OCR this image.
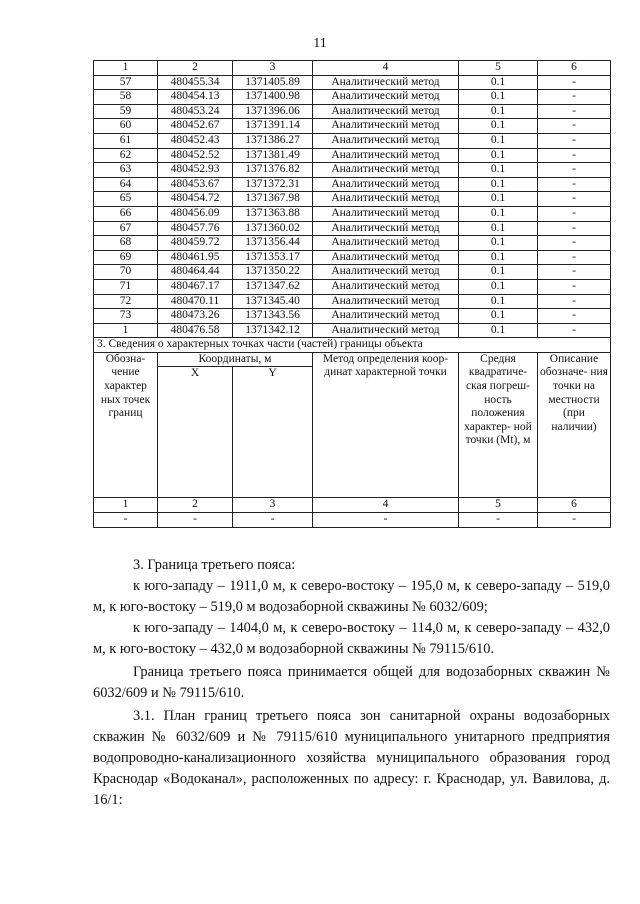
11
1	2	3	4	5	6
57	480455.34	1371405.89	Аналитический метод	0.1	-
58	480454.13	1371400.98	Аналитический метод	0.1	-
59	480453.24	1371396.06	Аналитический метод	0.1	-
60	480452.67	1371391.14	Аналитический метод	0.1	-
61	480452.43	1371386.27	Аналитический метод	0.1	-
62	480452.52	1371381.49	Аналитический метод	0.1	-
63	480452.93	1371376.82	Аналитический метод	0.1	-
64	480453.67	1371372.31	Аналитический метод	0.1	-
65	480454.72	1371367.98	Аналитический метод	0.1	-
66	480456.09	1371363.88	Аналитический метод	0.1	-
67	480457.76	1371360.02	Аналитический метод	0.1	-
68	480459.72	1371356.44	Аналитический метод	0.1	-
69	480461.95	1371353.17	Аналитический метод	0.1	-
70	480464.44	1371350.22	Аналитический метод	0.1	-
71	480467.17	1371347.62	Аналитический метод	0.1	-
72	480470.11	1371345.40	Аналитический метод	0.1	-
73	480473.26	1371343.56	Аналитический метод	0.1	-
1	480476.58	1371342.12	Аналитический метод	0.1	-
3. Сведения о характерных точках части (частей) границы объекта					
Обозна- чение характер ных точек границ	Координаты, м		Метод определения коор- динат характерной точки	Средня квадратиче- ская погреш- ность положения характер- ной точки (Mt), м	Описание обозначе- ния точки на местности (при наличии)
	X	Y			
1	2	3	4	5	6
-	-	-	-	-	-

3. Граница третьего пояса:

к юго-западу – 1911,0 м, к северо-востоку – 195,0 м, к северо-западу – 519,0 м, к юго-востоку – 519,0 м водозаборной скважины № 6032/609;

к юго-западу – 1404,0 м, к северо-востоку – 114,0 м, к северо-западу – 432,0 м, к юго-востоку – 432,0 м водозаборной скважины № 79115/610.

Граница третьего пояса принимается общей для водозаборных скважин № 6032/609 и № 79115/610.

3.1. План границ третьего пояса зон санитарной охраны водозаборных скважин № 6032/609 и № 79115/610 муниципального унитарного предприятия водопроводно-канализационного хозяйства муниципального образования город Краснодар «Водоканал», расположенных по адресу: г. Краснодар, ул. Вавилова, д. 16/1:
